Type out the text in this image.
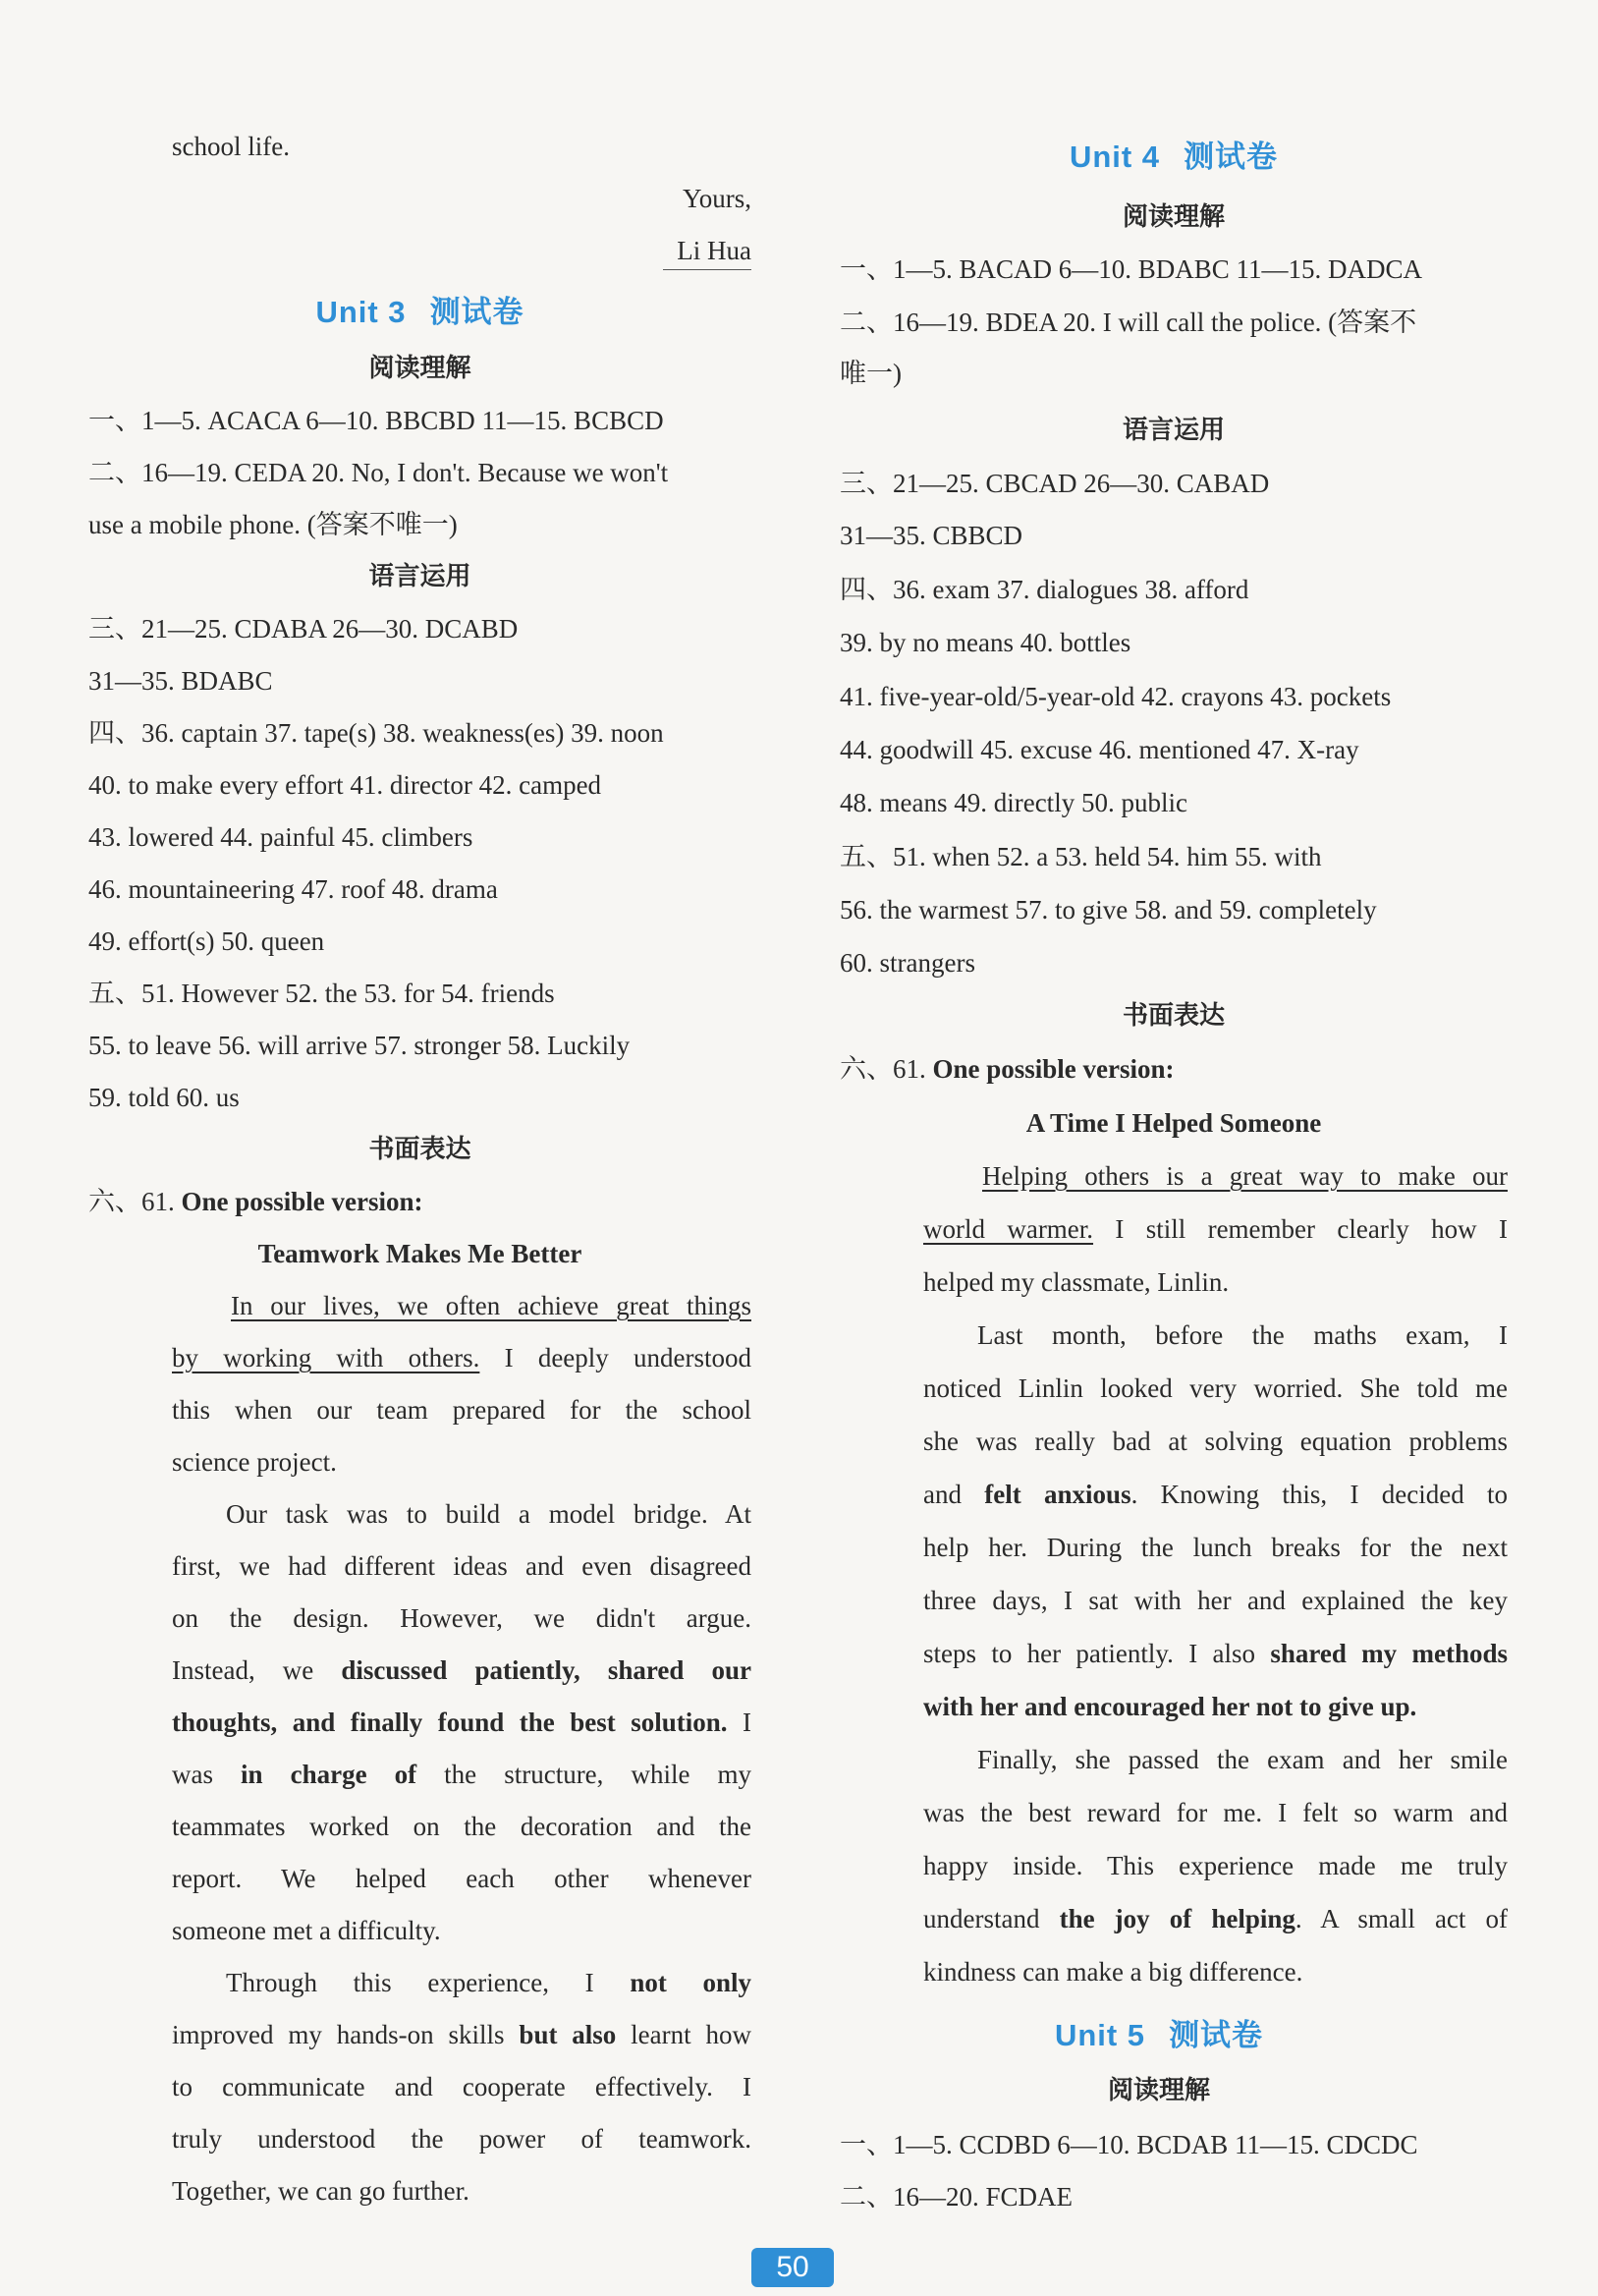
school life.
Yours,
Li Hua
Unit 3 测试卷
阅读理解
一、1—5. ACACA 6—10. BBCBD 11—15. BCBCD
二、16—19. CEDA 20. No, I don't. Because we won't
use a mobile phone. (答案不唯一)
语言运用
三、21—25. CDABA 26—30. DCABD
31—35. BDABC
四、36. captain 37. tape(s) 38. weakness(es) 39. noon
40. to make every effort 41. director 42. camped
43. lowered 44. painful 45. climbers
46. mountaineering 47. roof 48. drama
49. effort(s) 50. queen
五、51. However 52. the 53. for 54. friends
55. to leave 56. will arrive 57. stronger 58. Luckily
59. told 60. us
书面表达
六、61. One possible version:
Teamwork Makes Me Better
In our lives, we often achieve great things
by working with others. I deeply understood
this when our team prepared for the school
science project.
Our task was to build a model bridge. At
first, we had different ideas and even disagreed
on the design. However, we didn't argue.
Instead, we discussed patiently, shared our
thoughts, and finally found the best solution. I
was in charge of the structure, while my
teammates worked on the decoration and the
report. We helped each other whenever
someone met a difficulty.
Through this experience, I not only
improved my hands-on skills but also learnt how
to communicate and cooperate effectively. I
truly understood the power of teamwork.
Together, we can go further.
Unit 4 测试卷
阅读理解
一、1—5. BACAD 6—10. BDABC 11—15. DADCA
二、16—19. BDEA 20. I will call the police. (答案不
唯一)
语言运用
三、21—25. CBCAD 26—30. CABAD
31—35. CBBCD
四、36. exam 37. dialogues 38. afford
39. by no means 40. bottles
41. five-year-old/5-year-old 42. crayons 43. pockets
44. goodwill 45. excuse 46. mentioned 47. X-ray
48. means 49. directly 50. public
五、51. when 52. a 53. held 54. him 55. with
56. the warmest 57. to give 58. and 59. completely
60. strangers
书面表达
六、61. One possible version:
A Time I Helped Someone
Helping others is a great way to make our
world warmer. I still remember clearly how I
helped my classmate, Linlin.
Last month, before the maths exam, I
noticed Linlin looked very worried. She told me
she was really bad at solving equation problems
and felt anxious. Knowing this, I decided to
help her. During the lunch breaks for the next
three days, I sat with her and explained the key
steps to her patiently. I also shared my methods
with her and encouraged her not to give up.
Finally, she passed the exam and her smile
was the best reward for me. I felt so warm and
happy inside. This experience made me truly
understand the joy of helping. A small act of
kindness can make a big difference.
Unit 5 测试卷
阅读理解
一、1—5. CCDBD 6—10. BCDAB 11—15. CDCDC
二、16—20. FCDAE
50
